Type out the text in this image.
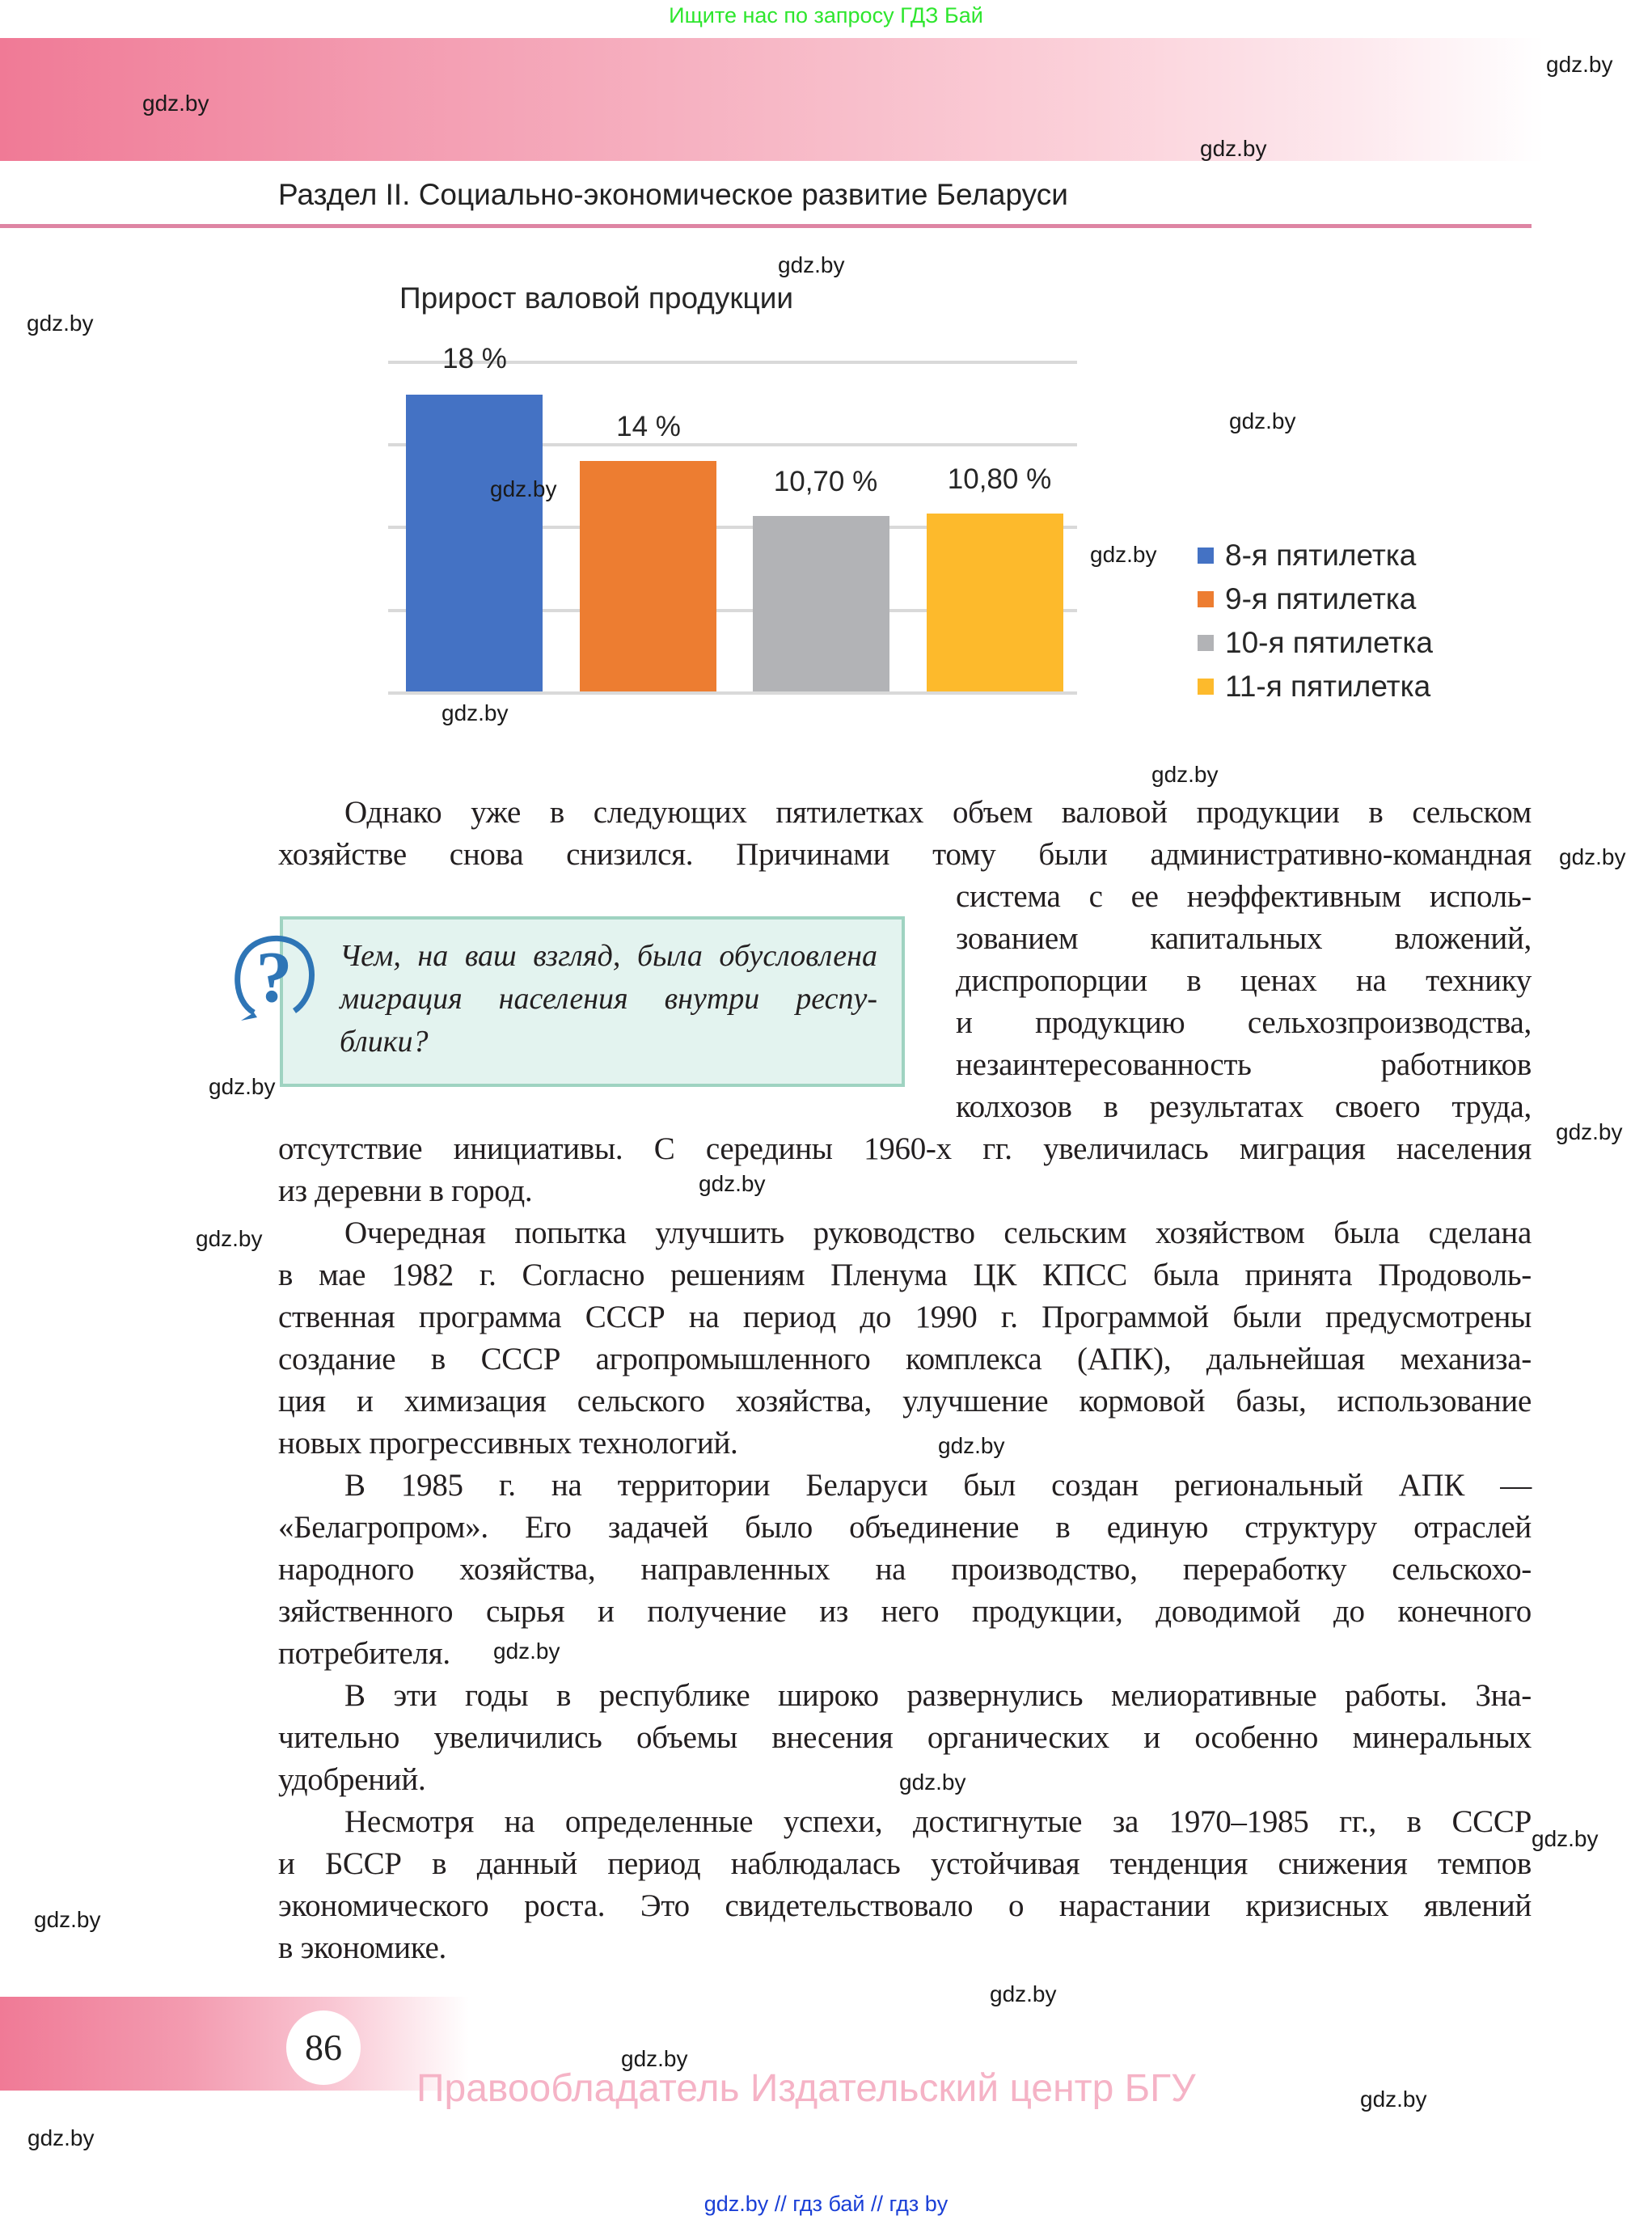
Ищите нас по запросу ГДЗ Бай
Раздел II. Социально-экономическое развитие Беларуси
Прирост валовой продукции
18 %
14 %
10,70 %	10,80 %
8-я пятилетка
9-я пятилетка
10-я пятилетка
11-я пятилетка
Однако уже в следующих пятилетках объем валовой продукции в сельском
хозяйстве снова снизился. Причинами тому были административно-командная
система с ее неэффективным исполь-
зованием капитальных вложений,
диспропорции в ценах на технику
и продукцию сельхозпроизводства,
незаинтересованность работников
колхозов в результатах своего труда,
отсутствие инициативы. С середины 1960-х гг. увеличилась миграция населения
из деревни в город.
? Чем, на ваш взгляд, была обусловлена
миграция населения внутри респу-
блики?
Очередная попытка улучшить руководство сельским хозяйством была сделана
в мае 1982 г. Согласно решениям Пленума ЦК КПСС была принята Продоволь-
ственная программа СССР на период до 1990 г. Программой были предусмотрены
создание в СССР агропромышленного комплекса (АПК), дальнейшая механиза-
ция и химизация сельского хозяйства, улучшение кормовой базы, использование
новых прогрессивных технологий.
В 1985 г. на территории Беларуси был создан региональный АПК —
«Белагропром». Его задачей было объединение в единую структуру отраслей
народного хозяйства, направленных на производство, переработку сельскохо-
зяйственного сырья и получение из него продукции, доводимой до конечного
потребителя.
В эти годы в республике широко развернулись мелиоративные работы. Зна-
чительно увеличились объемы внесения органических и особенно минеральных
удобрений.
Несмотря на определенные успехи, достигнутые за 1970–1985 гг., в СССР
и БССР в данный период наблюдалась устойчивая тенденция снижения темпов
экономического роста. Это свидетельствовало о нарастании кризисных явлений
в экономике.
86
Правообладатель Издательский центр БГУ
gdz.by // гдз бай // гдз by
gdz.by
gdz.by
gdz.by
gdz.by
gdz.by
gdz.by
gdz.by
gdz.by
gdz.by
gdz.by
gdz.by
gdz.by
gdz.by
gdz.by
gdz.by
gdz.by
gdz.by
gdz.by
gdz.by
gdz.by
gdz.by
gdz.by
gdz.by
gdz.by
